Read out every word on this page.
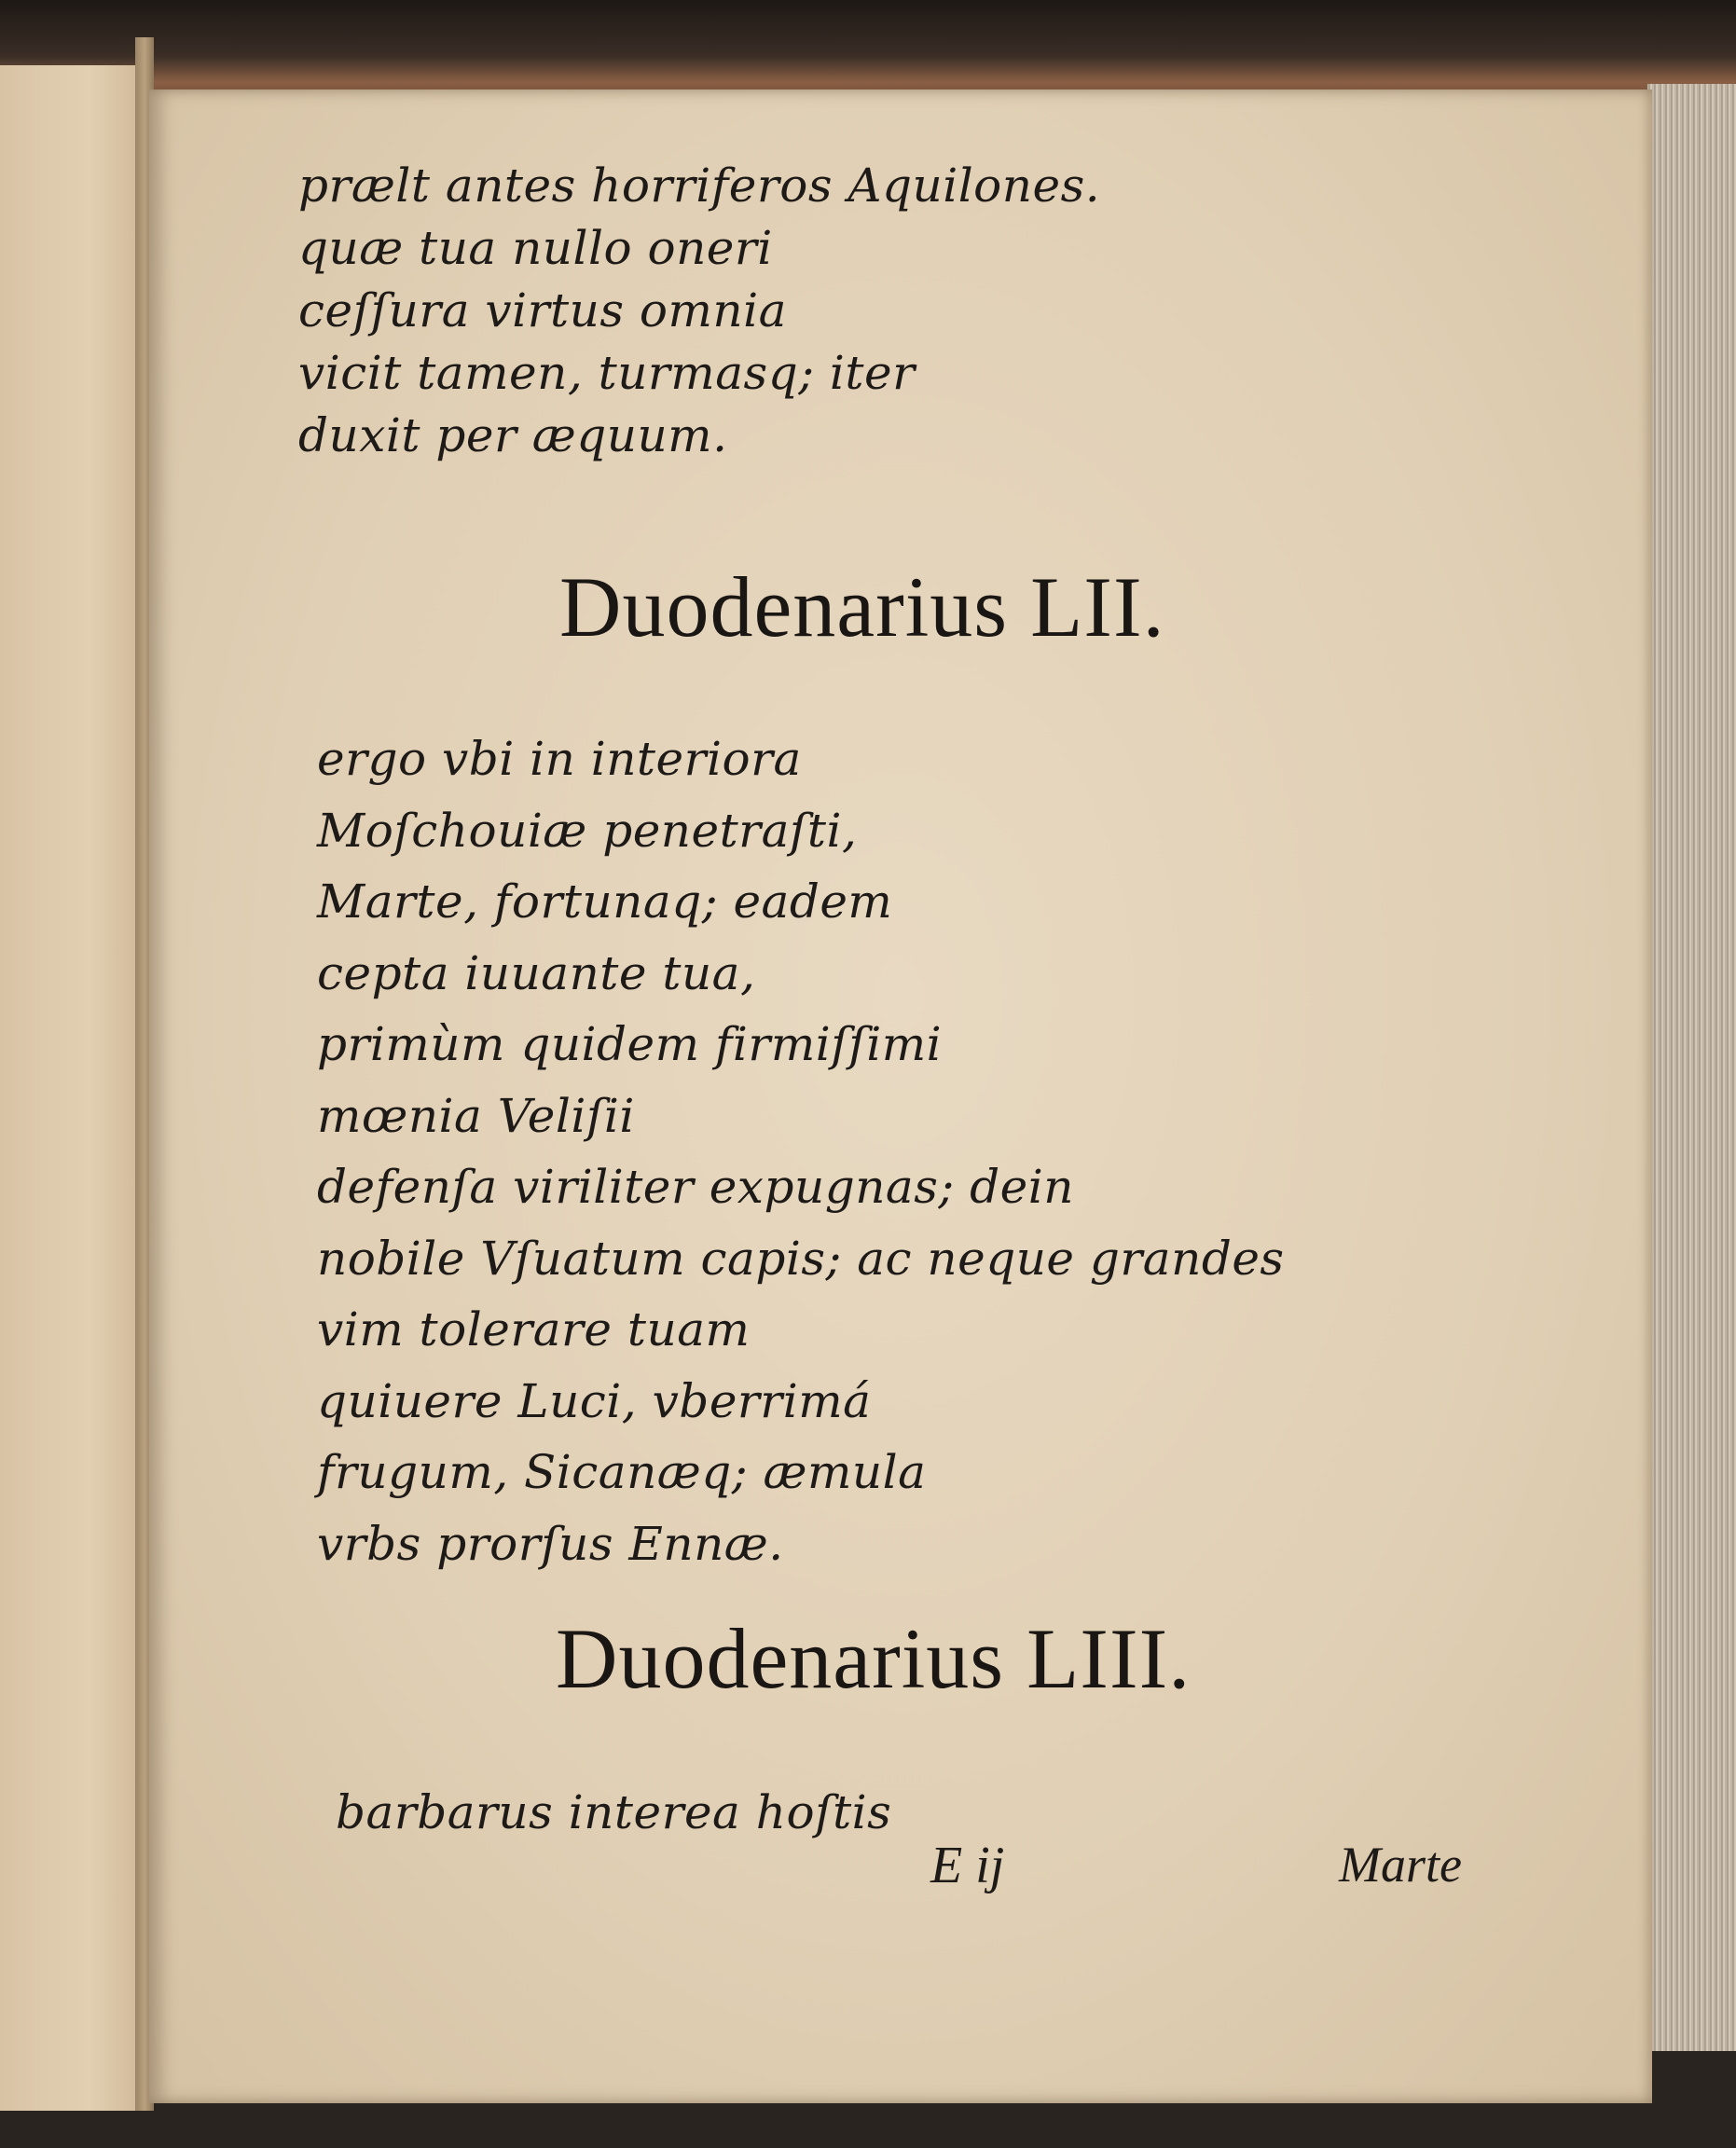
prælt antes horriferos Aquilones.
quæ tua nullo oneri
ceſſura virtus omnia
vicit tamen, turmasq; iter
duxit per æquum.

Duodenarius LII.

ergo vbi in interiora
Moſchouiæ penetraſti,
Marte, fortunaq; eadem
cepta iuuante tua,
primùm quidem firmiſſimi
mœnia Veliſii
defenſa viriliter expugnas; dein
nobile Vſuatum capis; ac neque grandes
vim tolerare tuam
quiuere Luci, vberrimá
frugum, Sicanæq; æmula
vrbs prorſus Ennæ.

Duodenarius LIII.

barbarus interea hoſtis

E ij	Marte
